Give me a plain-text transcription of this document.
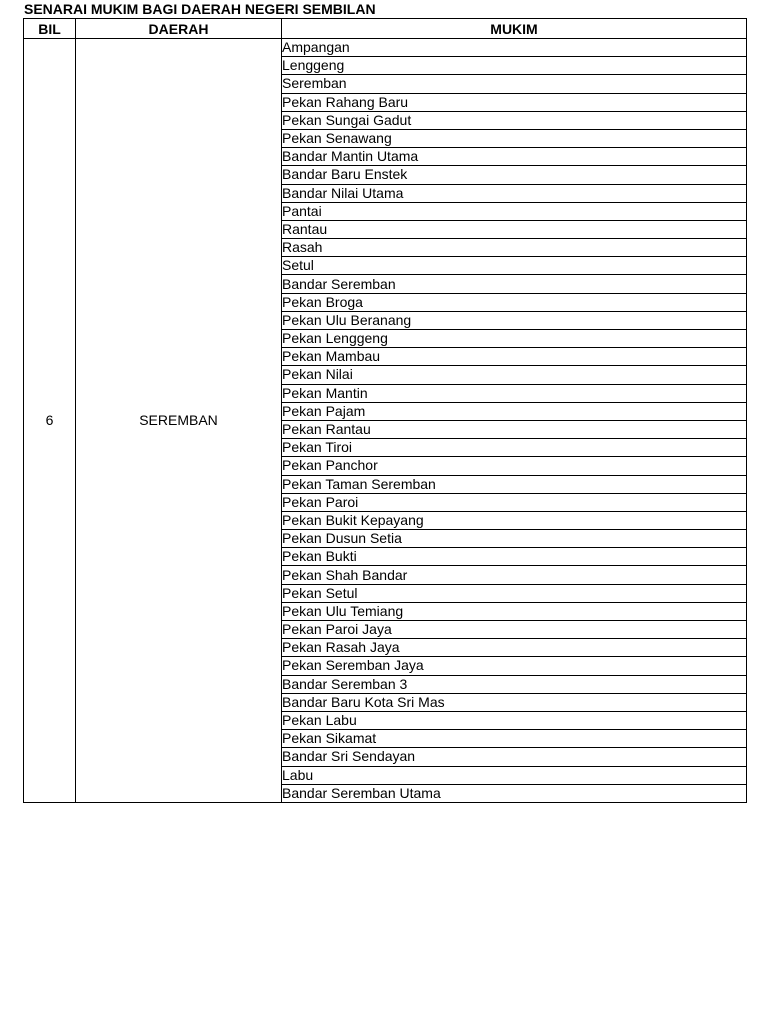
SENARAI MUKIM BAGI DAERAH NEGERI SEMBILAN
BIL	DAERAH	MUKIM
6	SEREMBAN	Ampangan
		Lenggeng
		Seremban
		Pekan Rahang Baru
		Pekan Sungai Gadut
		Pekan Senawang
		Bandar Mantin Utama
		Bandar Baru Enstek
		Bandar Nilai Utama
		Pantai
		Rantau
		Rasah
		Setul
		Bandar Seremban
		Pekan Broga
		Pekan Ulu Beranang
		Pekan Lenggeng
		Pekan Mambau
		Pekan Nilai
		Pekan Mantin
		Pekan Pajam
		Pekan Rantau
		Pekan Tiroi
		Pekan Panchor
		Pekan Taman Seremban
		Pekan Paroi
		Pekan Bukit Kepayang
		Pekan Dusun Setia
		Pekan Bukti
		Pekan Shah Bandar
		Pekan Setul
		Pekan Ulu Temiang
		Pekan Paroi Jaya
		Pekan Rasah Jaya
		Pekan Seremban Jaya
		Bandar Seremban 3
		Bandar Baru Kota Sri Mas
		Pekan Labu
		Pekan Sikamat
		Bandar Sri Sendayan
		Labu
		Bandar Seremban Utama
